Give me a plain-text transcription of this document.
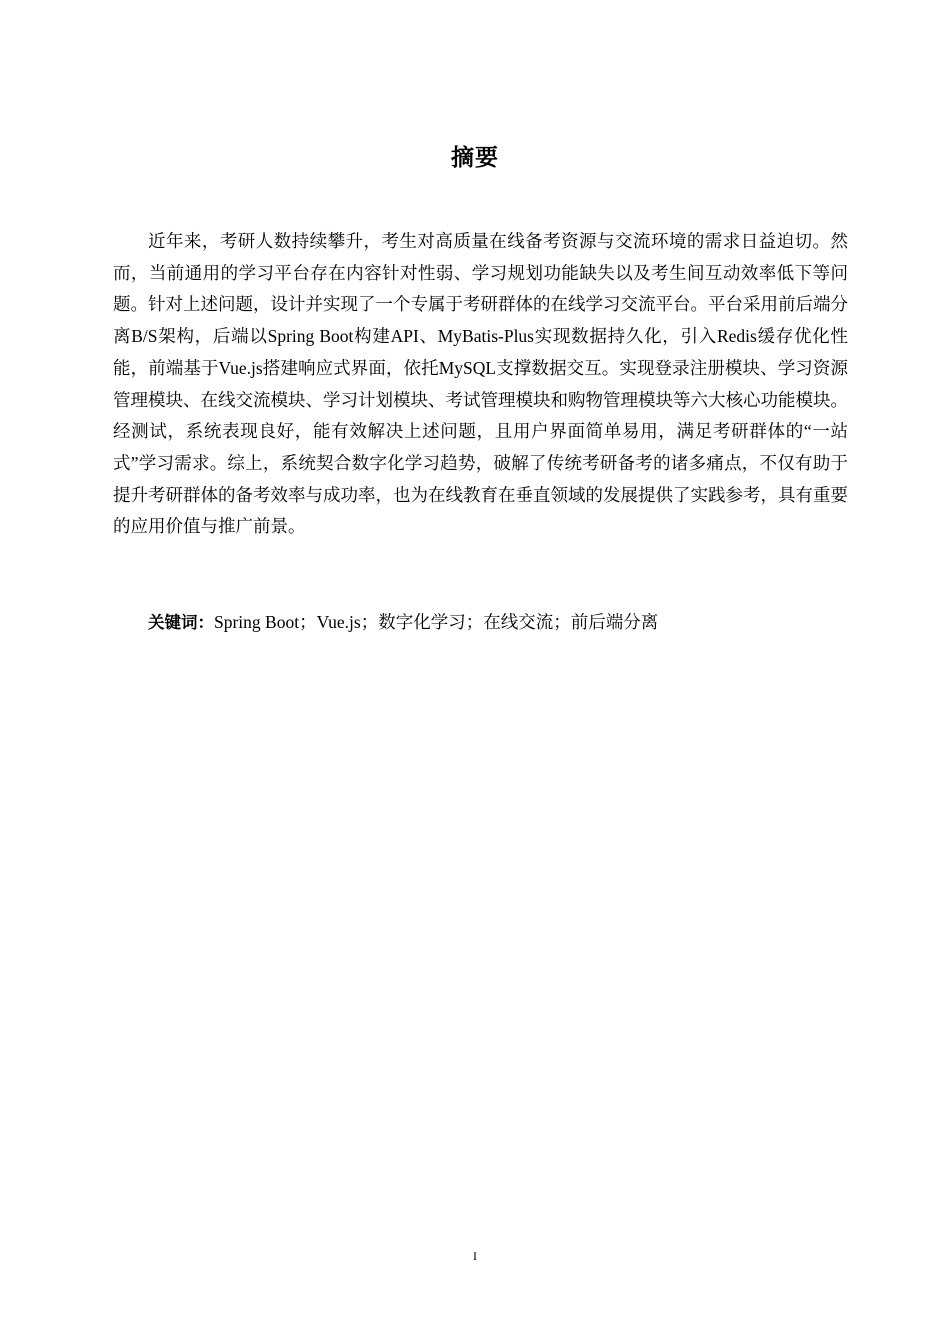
摘要

近年来，考研人数持续攀升，考生对高质量在线备考资源与交流环境的需求日益迫切。然而，当前通用的学习平台存在内容针对性弱、学习规划功能缺失以及考生间互动效率低下等问题。针对上述问题，设计并实现了一个专属于考研群体的在线学习交流平台。平台采用前后端分离B/S架构，后端以Spring Boot构建API、MyBatis-Plus实现数据持久化，引入Redis缓存优化性能，前端基于Vue.js搭建响应式界面，依托MySQL支撑数据交互。实现登录注册模块、学习资源管理模块、在线交流模块、学习计划模块、考试管理模块和购物管理模块等六大核心功能模块。经测试，系统表现良好，能有效解决上述问题，且用户界面简单易用，满足考研群体的“一站式”学习需求。综上，系统契合数字化学习趋势，破解了传统考研备考的诸多痛点，不仅有助于提升考研群体的备考效率与成功率，也为在线教育在垂直领域的发展提供了实践参考，具有重要的应用价值与推广前景。

关键词：Spring Boot；Vue.js；数字化学习；在线交流；前后端分离
I
